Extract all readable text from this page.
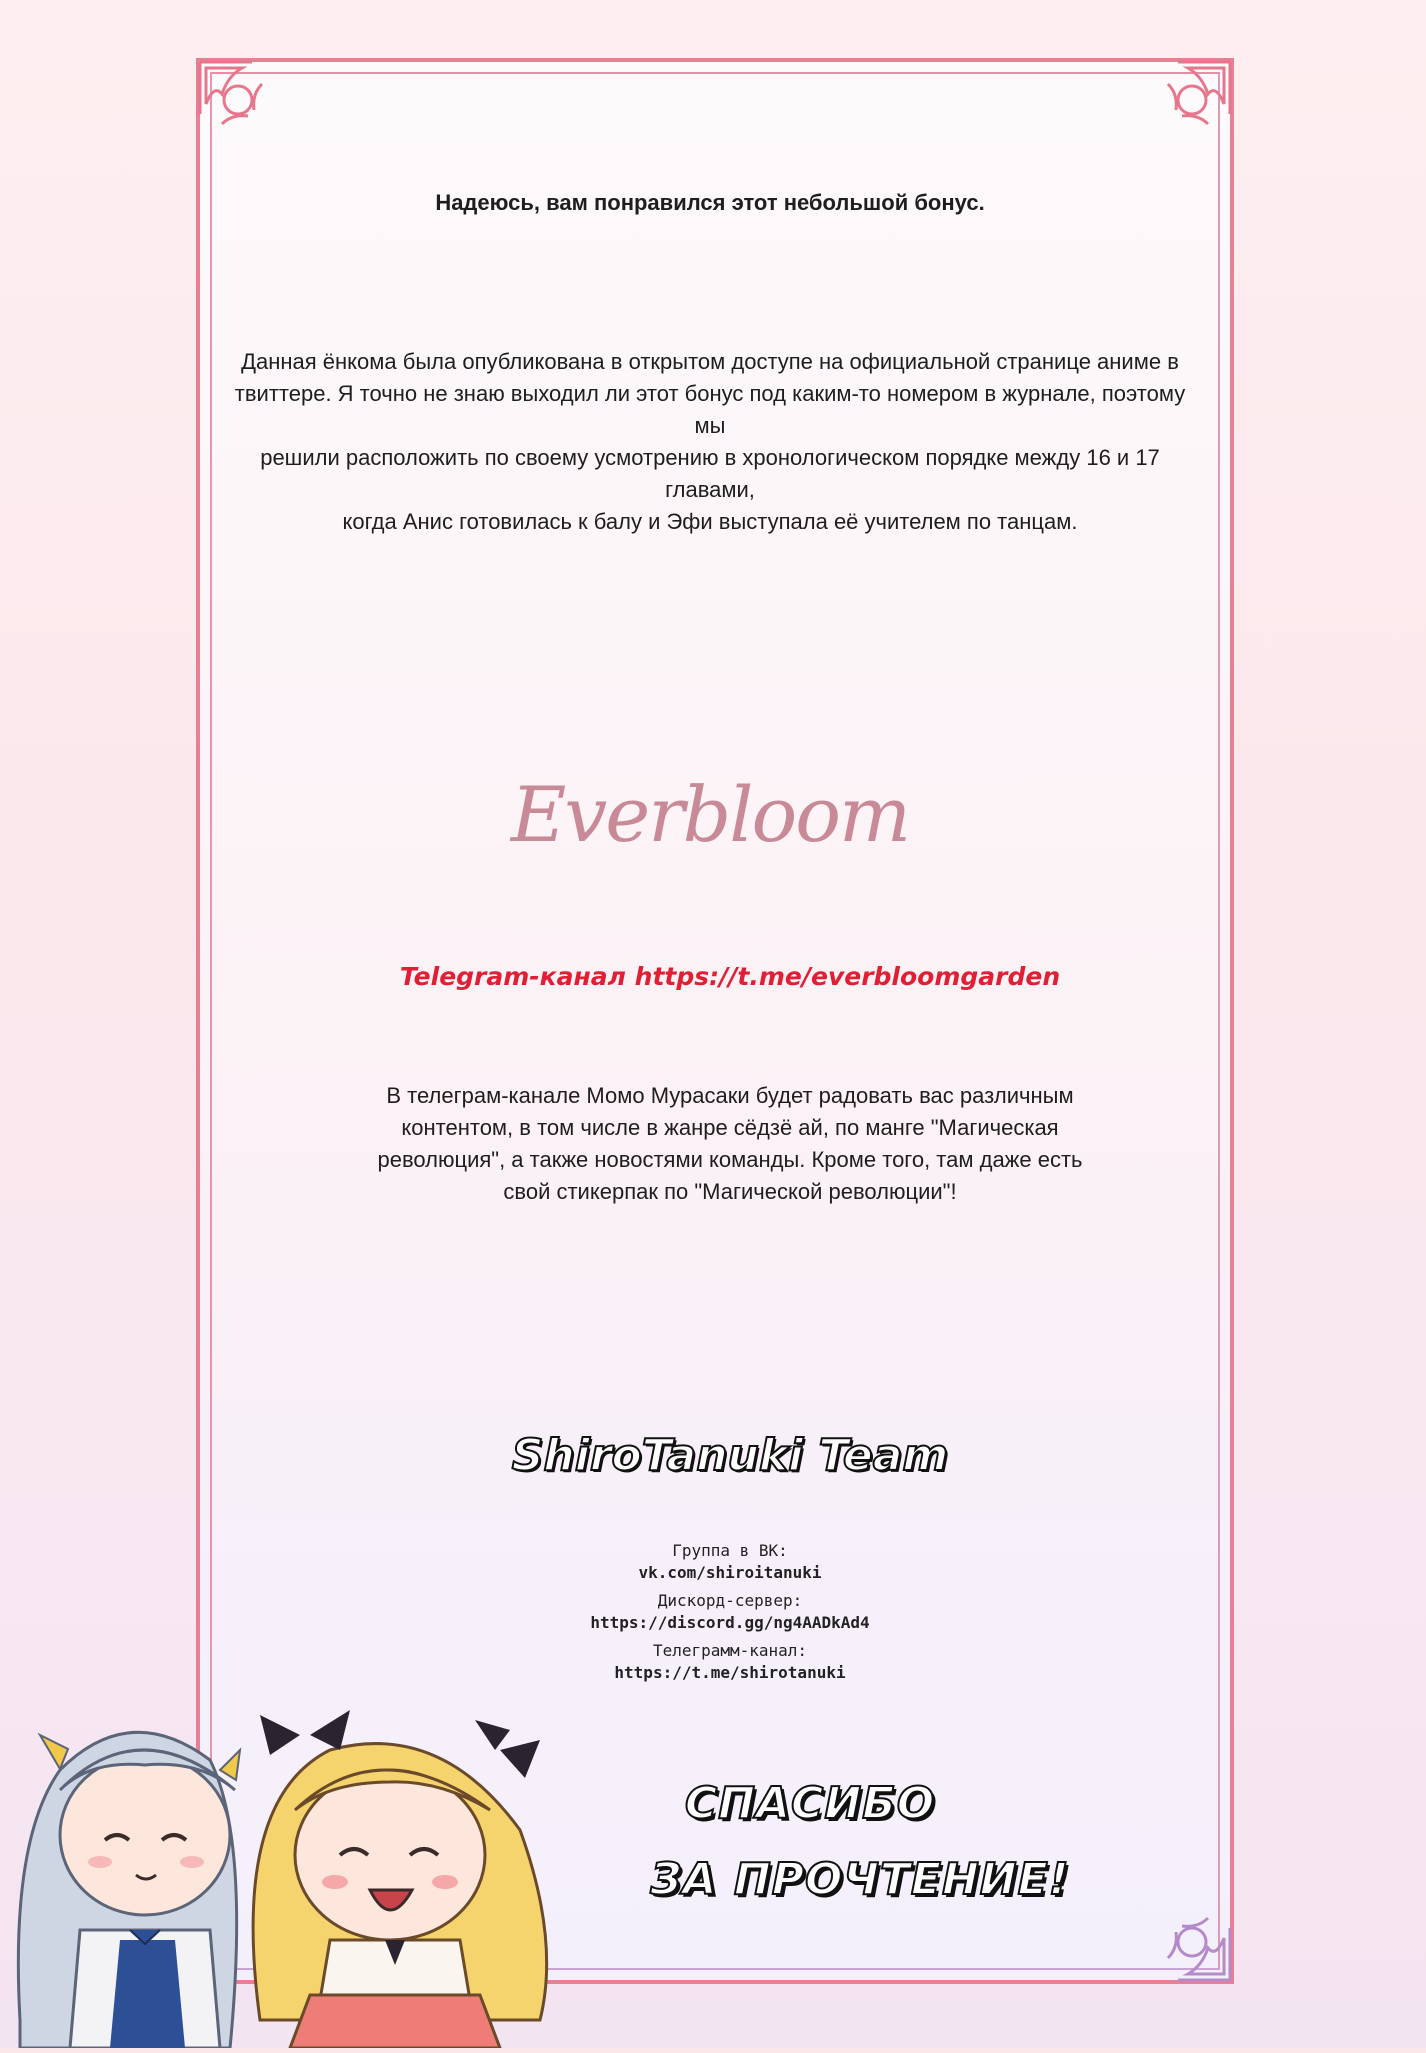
Надеюсь, вам понравился этот небольшой бонус.
Данная ёнкома была опубликована в открытом доступе на официальной странице аниме в
твиттере. Я точно не знаю выходил ли этот бонус под каким-то номером в журнале, поэтому мы
решили расположить по своему усмотрению в хронологическом порядке между 16 и 17 главами,
когда Анис готовилась к балу и Эфи выступала её учителем по танцам.
Everbloom
Telegram-канал https://t.me/everbloomgarden
В телеграм-канале Момо Мурасаки будет радовать вас различным
контентом, в том числе в жанре сёдзё ай, по манге "Магическая
революция", а также новостями команды. Кроме того, там даже есть
свой стикерпак по "Магической революции"!
ShiroTanuki Team
Группа в ВК:
vk.com/shiroitanuki
Дискорд-сервер:
https://discord.gg/ng4AADkAd4
Телеграмм-канал:
https://t.me/shirotanuki
СПАСИБО
ЗА ПРОЧТЕНИЕ!
